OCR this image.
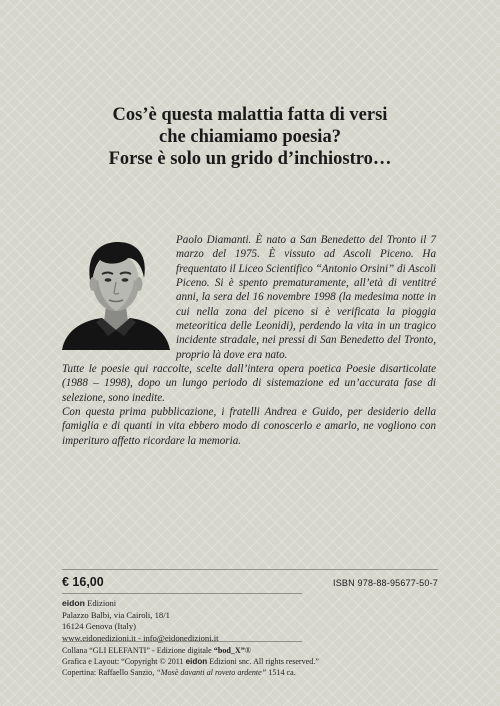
Cos’è questa malattia fatta di versi
che chiamiamo poesia?
Forse è solo un grido d’inchiostro…

Paolo Diamanti. È nato a San Benedetto del Tronto il 7 marzo del 1975. È vissuto ad Ascoli Piceno. Ha frequentato il Liceo Scientifico “Antonio Orsini” di Ascoli Piceno. Si è spento prematuramente, all’età di ventitré anni, la sera del 16 novembre 1998 (la medesima notte in cui nella zona del piceno si è verificata la pioggia meteoritica delle Leonidi), perdendo la vita in un tragico incidente stradale, nei pressi di San Benedetto del Tronto, proprio là dove era nato.

Tutte le poesie qui raccolte, scelte dall’intera opera poetica Poesie disarticolate (1988 – 1998), dopo un lungo periodo di sistemazione ed un’accurata fase di selezione, sono inedite.

Con questa prima pubblicazione, i fratelli Andrea e Guido, per desiderio della famiglia e di quanti in vita ebbero modo di conoscerlo e amarlo, ne vogliono con imperituro affetto ricordare la memoria.

€ 16,00	ISBN 978-88-95677-50-7
eidon Edizioni
Palazzo Balbi, via Cairoli, 18/1
16124 Genova (Italy)
www.eidonedizioni.it - info@eidonedizioni.it
Collana “GLI ELEFANTI” - Edizione digitale “bod_X”®
Grafica e Layout: “Copyright © 2011 eidon Edizioni snc. All rights reserved.”
Copertina: Raffaello Sanzio, “Mosè davanti al roveto ardente” 1514 ca.
